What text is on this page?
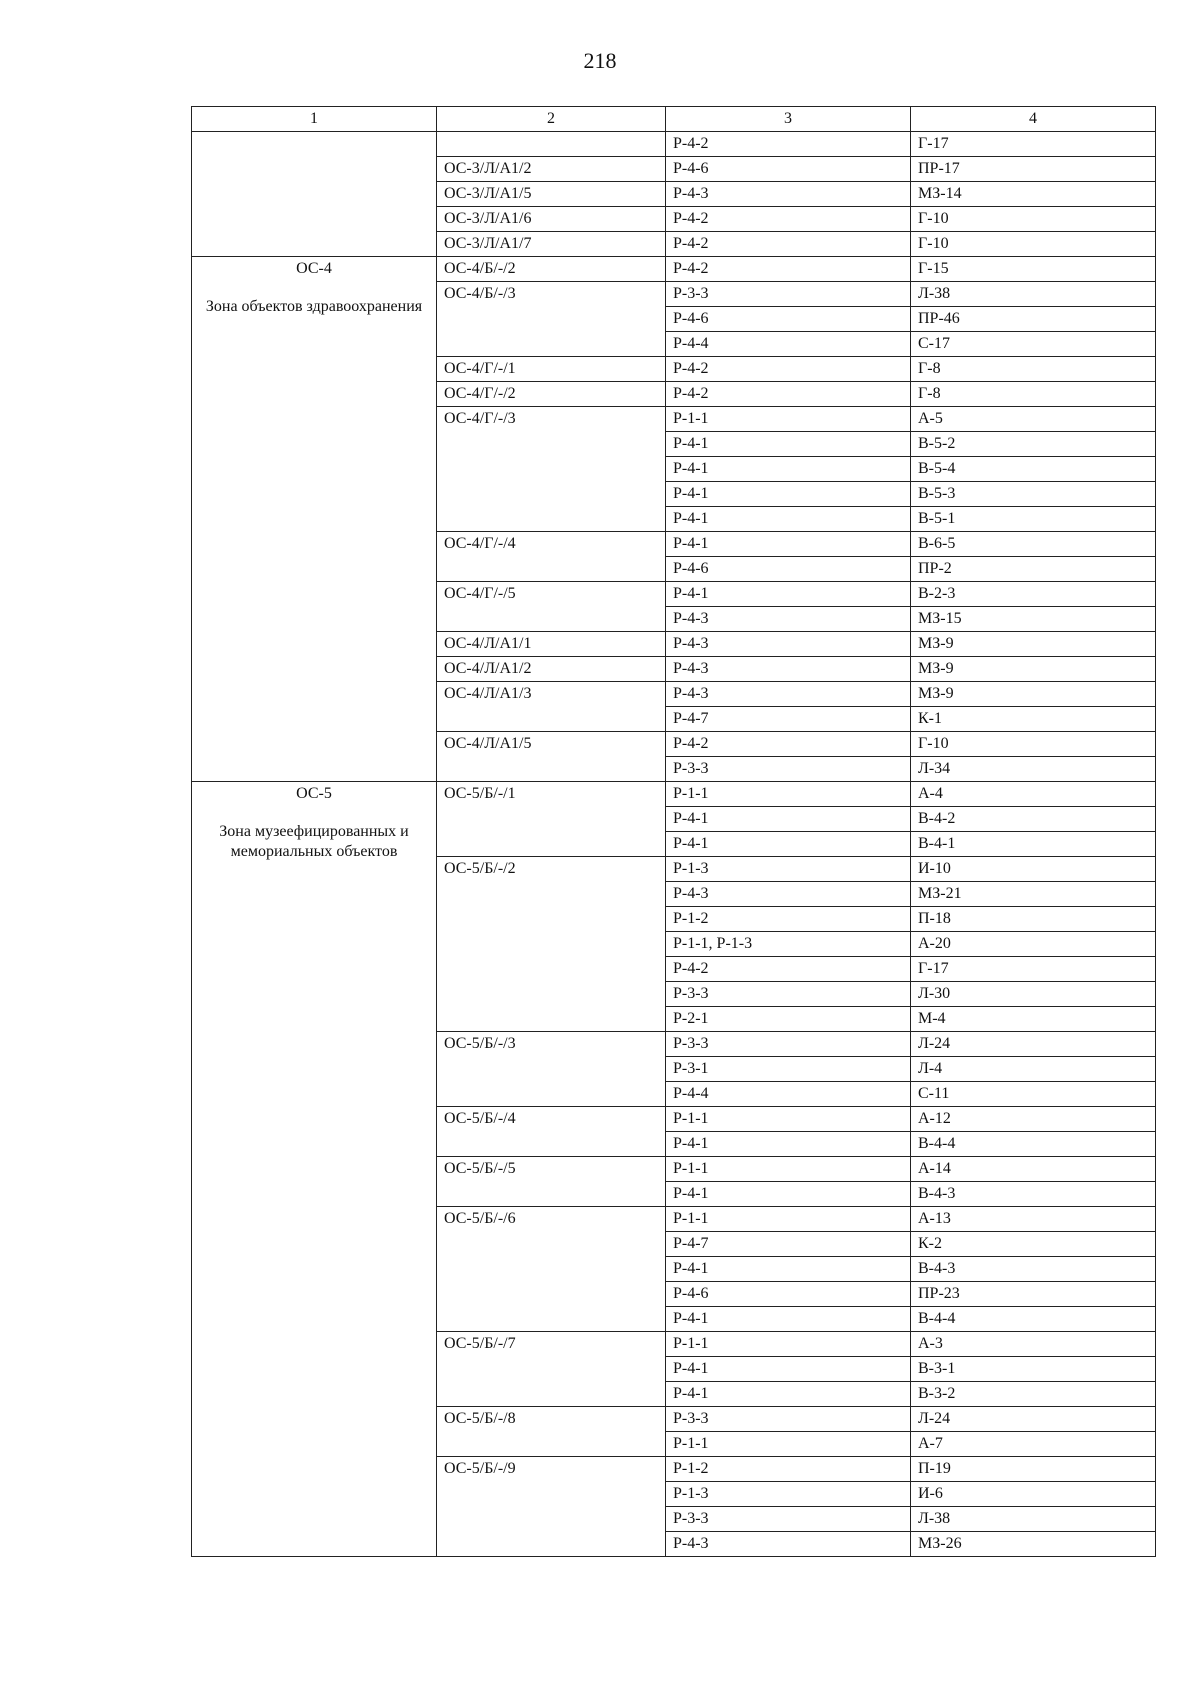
218
1	2	3	4

		Р-4-2	Г-17
	ОС-3/Л/А1/2	Р-4-6	ПР-17
	ОС-3/Л/А1/5	Р-4-3	МЗ-14
	ОС-3/Л/А1/6	Р-4-2	Г-10
	ОС-3/Л/А1/7	Р-4-2	Г-10

ОС-4
Зона объектов здравоохранения	ОС-4/Б/-/2	Р-4-2	Г-15
	ОС-4/Б/-/3	Р-3-3	Л-38
		Р-4-6	ПР-46
		Р-4-4	С-17
	ОС-4/Г/-/1	Р-4-2	Г-8
	ОС-4/Г/-/2	Р-4-2	Г-8
	ОС-4/Г/-/3	Р-1-1	А-5
		Р-4-1	В-5-2
		Р-4-1	В-5-4
		Р-4-1	В-5-3
		Р-4-1	В-5-1
	ОС-4/Г/-/4	Р-4-1	В-6-5
		Р-4-6	ПР-2
	ОС-4/Г/-/5	Р-4-1	В-2-3
		Р-4-3	МЗ-15
	ОС-4/Л/А1/1	Р-4-3	МЗ-9
	ОС-4/Л/А1/2	Р-4-3	МЗ-9
	ОС-4/Л/А1/3	Р-4-3	МЗ-9
		Р-4-7	К-1
	ОС-4/Л/А1/5	Р-4-2	Г-10
		Р-3-3	Л-34

ОС-5
Зона музеефицированных и мемориальных объектов	ОС-5/Б/-/1	Р-1-1	А-4
		Р-4-1	В-4-2
		Р-4-1	В-4-1
	ОС-5/Б/-/2	Р-1-3	И-10
		Р-4-3	МЗ-21
		Р-1-2	П-18
		Р-1-1, Р-1-3	А-20
		Р-4-2	Г-17
		Р-3-3	Л-30
		Р-2-1	М-4
	ОС-5/Б/-/3	Р-3-3	Л-24
		Р-3-1	Л-4
		Р-4-4	С-11
	ОС-5/Б/-/4	Р-1-1	А-12
		Р-4-1	В-4-4
	ОС-5/Б/-/5	Р-1-1	А-14
		Р-4-1	В-4-3
	ОС-5/Б/-/6	Р-1-1	А-13
		Р-4-7	К-2
		Р-4-1	В-4-3
		Р-4-6	ПР-23
		Р-4-1	В-4-4
	ОС-5/Б/-/7	Р-1-1	А-3
		Р-4-1	В-3-1
		Р-4-1	В-3-2
	ОС-5/Б/-/8	Р-3-3	Л-24
		Р-1-1	А-7
	ОС-5/Б/-/9	Р-1-2	П-19
		Р-1-3	И-6
		Р-3-3	Л-38
		Р-4-3	МЗ-26
